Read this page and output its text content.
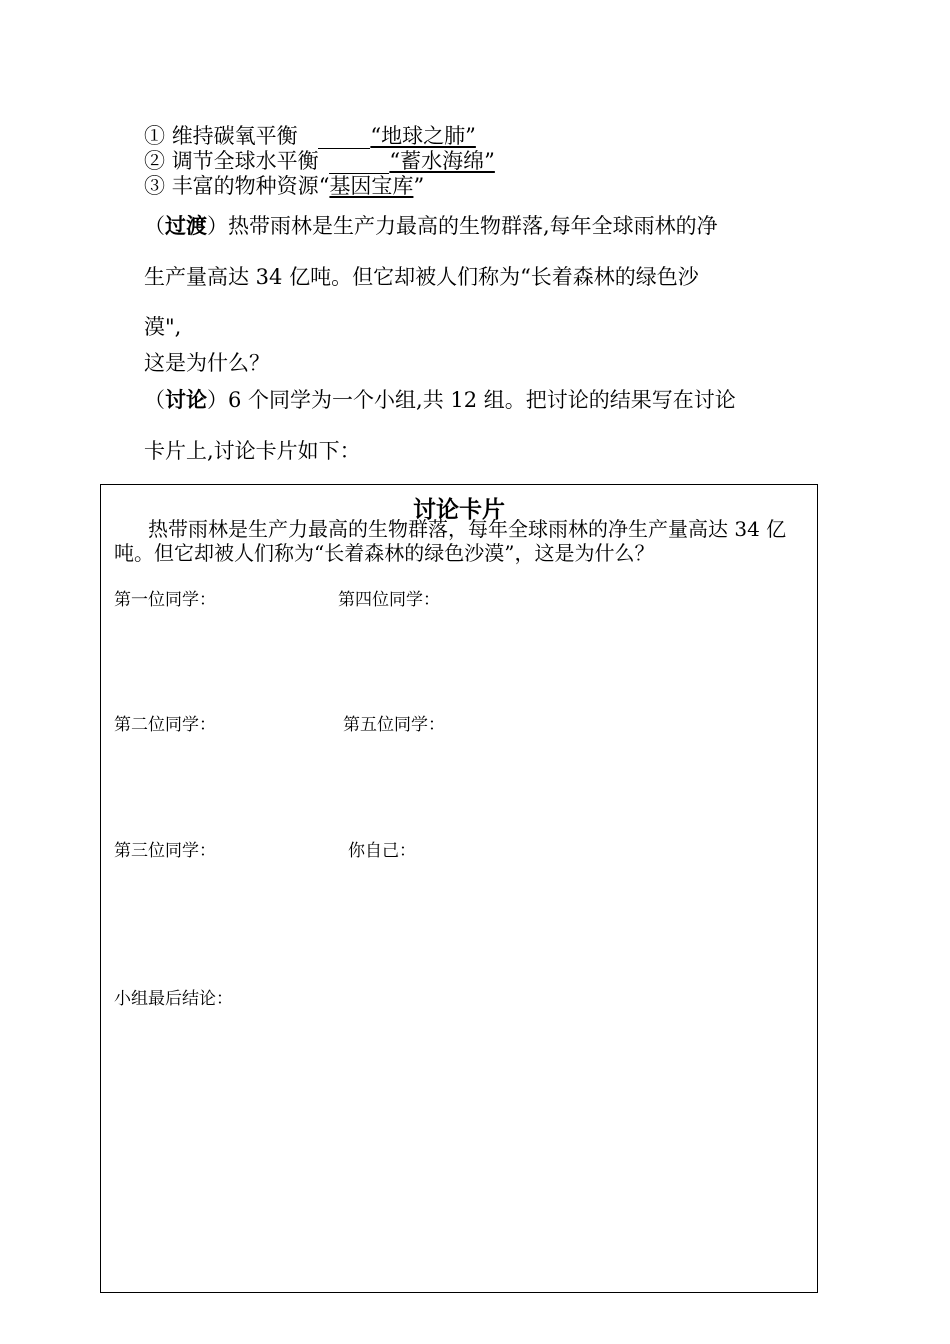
① 维持碳氧平衡	“地球之肺”
② 调节全球水平衡	“蓄水海绵”
③ 丰富的物种资源“基因宝库”
（过渡）热带雨林是生产力最高的生物群落,每年全球雨林的净
生产量高达 34 亿吨。但它却被人们称为“长着森林的绿色沙
漠",
这是为什么？
（讨论）6 个同学为一个小组,共 12 组。把讨论的结果写在讨论
卡片上,讨论卡片如下：
讨论卡片
热带雨林是生产力最高的生物群落，每年全球雨林的净生产量高达 34 亿吨。但它却被人们称为“长着森林的绿色沙漠”，这是为什么？
第一位同学：	第四位同学：
第二位同学：	第五位同学：
第三位同学：	你自己：
小组最后结论：
